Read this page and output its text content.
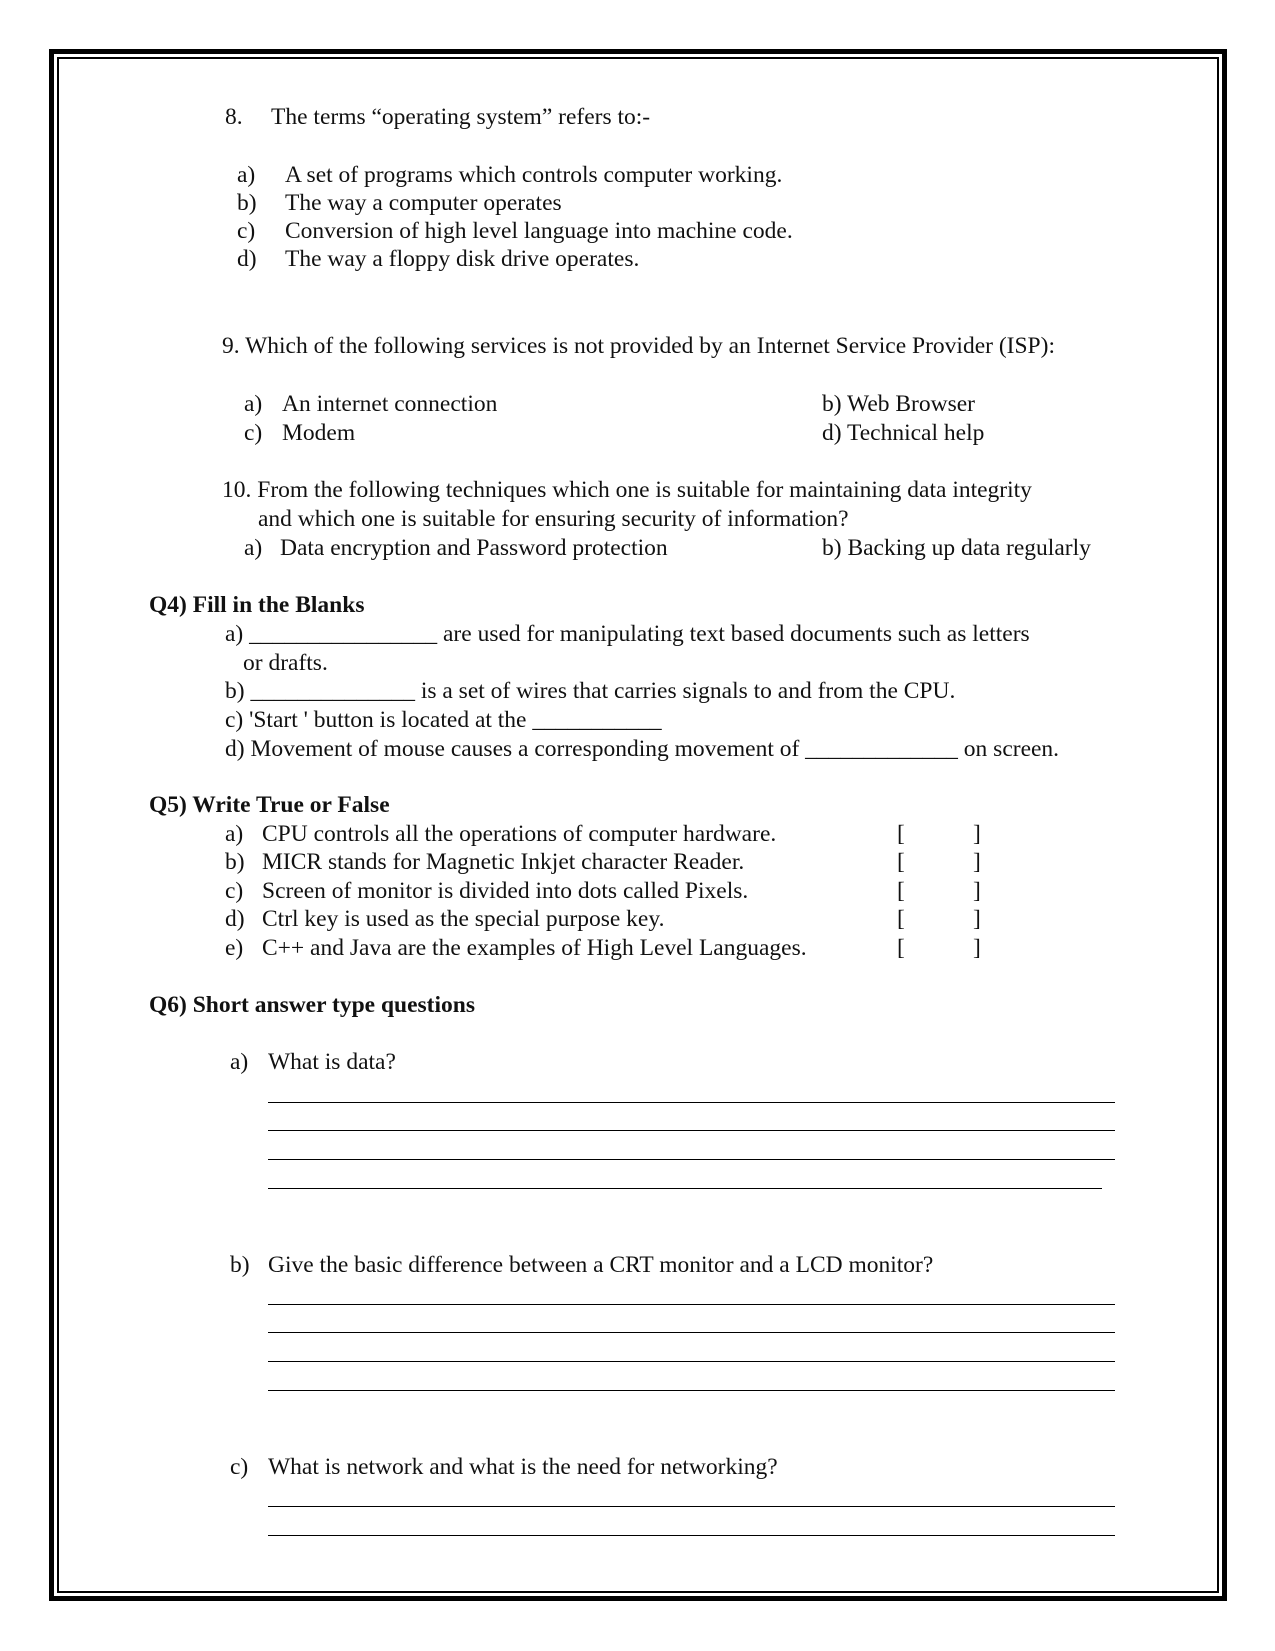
8. The terms “operating system” refers to:-
a) A set of programs which controls computer working.
b) The way a computer operates
c) Conversion of high level language into machine code.
d) The way a floppy disk drive operates.
9. Which of the following services is not provided by an Internet Service Provider (ISP):
a) An internet connection	b) Web Browser
c) Modem	d) Technical help
10. From the following techniques which one is suitable for maintaining data integrity
and which one is suitable for ensuring security of information?
a) Data encryption and Password protection	b) Backing up data regularly
Q4) Fill in the Blanks
a) ________________ are used for manipulating text based documents such as letters
or drafts.
b) ______________ is a set of wires that carries signals to and from the CPU.
c) 'Start ' button is located at the ___________
d) Movement of mouse causes a corresponding movement of _____________ on screen.
Q5) Write True or False
a) CPU controls all the operations of computer hardware.	[	]
b) MICR stands for Magnetic Inkjet character Reader.	[	]
c) Screen of monitor is divided into dots called Pixels.	[	]
d) Ctrl key is used as the special purpose key.	[	]
e) C++ and Java are the examples of High Level Languages.	[	]
Q6) Short answer type questions
a) What is data?
b) Give the basic difference between a CRT monitor and a LCD monitor?
c) What is network and what is the need for networking?
